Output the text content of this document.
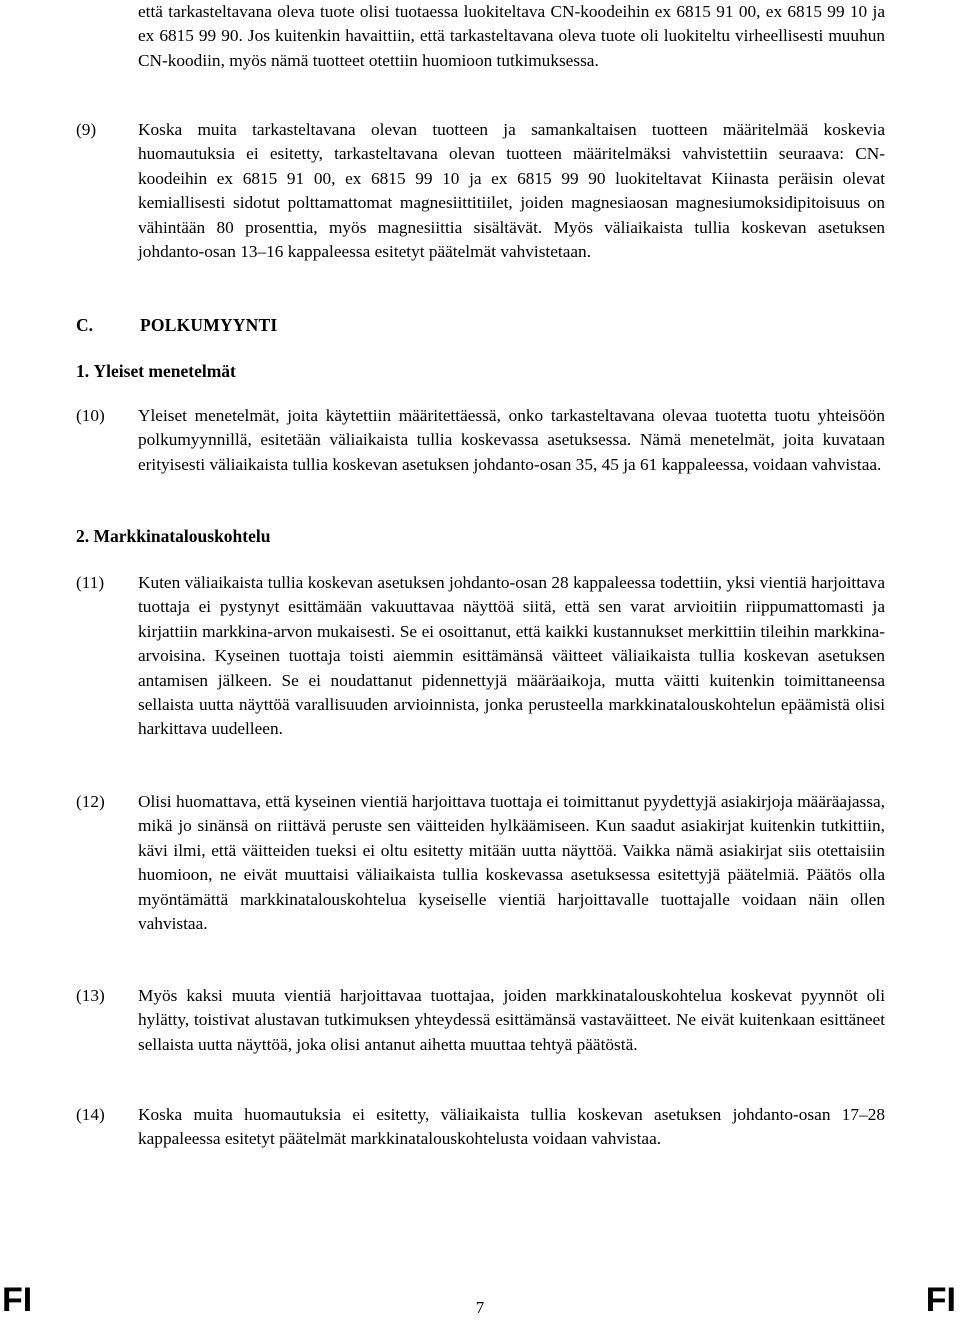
että tarkasteltavana oleva tuote olisi tuotaessa luokiteltava CN-koodeihin ex 6815 91 00, ex 6815 99 10 ja ex 6815 99 90. Jos kuitenkin havaittiin, että tarkasteltavana oleva tuote oli luokiteltu virheellisesti muuhun CN-koodiin, myös nämä tuotteet otettiin huomioon tutkimuksessa.

(9) Koska muita tarkasteltavana olevan tuotteen ja samankaltaisen tuotteen määritelmää koskevia huomautuksia ei esitetty, tarkasteltavana olevan tuotteen määritelmäksi vahvistettiin seuraava: CN-koodeihin ex 6815 91 00, ex 6815 99 10 ja ex 6815 99 90 luokiteltavat Kiinasta peräisin olevat kemiallisesti sidotut polttamattomat magnesiittitiilet, joiden magnesiaosan magnesiumoksidipitoisuus on vähintään 80 prosenttia, myös magnesiittia sisältävät. Myös väliaikaista tullia koskevan asetuksen johdanto-osan 13–16 kappaleessa esitetyt päätelmät vahvistetaan.

C.	POLKUMYYNTI

1. Yleiset menetelmät

(10) Yleiset menetelmät, joita käytettiin määritettäessä, onko tarkasteltavana olevaa tuotetta tuotu yhteisöön polkumyynnillä, esitetään väliaikaista tullia koskevassa asetuksessa. Nämä menetelmät, joita kuvataan erityisesti väliaikaista tullia koskevan asetuksen johdanto-osan 35, 45 ja 61 kappaleessa, voidaan vahvistaa.

2. Markkinatalouskohtelu

(11) Kuten väliaikaista tullia koskevan asetuksen johdanto-osan 28 kappaleessa todettiin, yksi vientiä harjoittava tuottaja ei pystynyt esittämään vakuuttavaa näyttöä siitä, että sen varat arvioitiin riippumattomasti ja kirjattiin markkina-arvon mukaisesti. Se ei osoittanut, että kaikki kustannukset merkittiin tileihin markkina-arvoisina. Kyseinen tuottaja toisti aiemmin esittämänsä väitteet väliaikaista tullia koskevan asetuksen antamisen jälkeen. Se ei noudattanut pidennettyjä määräaikoja, mutta väitti kuitenkin toimittaneensa sellaista uutta näyttöä varallisuuden arvioinnista, jonka perusteella markkinatalouskohtelun epäämistä olisi harkittava uudelleen.

(12) Olisi huomattava, että kyseinen vientiä harjoittava tuottaja ei toimittanut pyydettyjä asiakirjoja määräajassa, mikä jo sinänsä on riittävä peruste sen väitteiden hylkäämiseen. Kun saadut asiakirjat kuitenkin tutkittiin, kävi ilmi, että väitteiden tueksi ei oltu esitetty mitään uutta näyttöä. Vaikka nämä asiakirjat siis otettaisiin huomioon, ne eivät muuttaisi väliaikaista tullia koskevassa asetuksessa esitettyjä päätelmiä. Päätös olla myöntämättä markkinatalouskohtelua kyseiselle vientiä harjoittavalle tuottajalle voidaan näin ollen vahvistaa.

(13) Myös kaksi muuta vientiä harjoittavaa tuottajaa, joiden markkinatalouskohtelua koskevat pyynnöt oli hylätty, toistivat alustavan tutkimuksen yhteydessä esittämänsä vastaväitteet. Ne eivät kuitenkaan esittäneet sellaista uutta näyttöä, joka olisi antanut aihetta muuttaa tehtyä päätöstä.

(14) Koska muita huomautuksia ei esitetty, väliaikaista tullia koskevan asetuksen johdanto-osan 17–28 kappaleessa esitetyt päätelmät markkinatalouskohtelusta voidaan vahvistaa.

FI	7	FI
